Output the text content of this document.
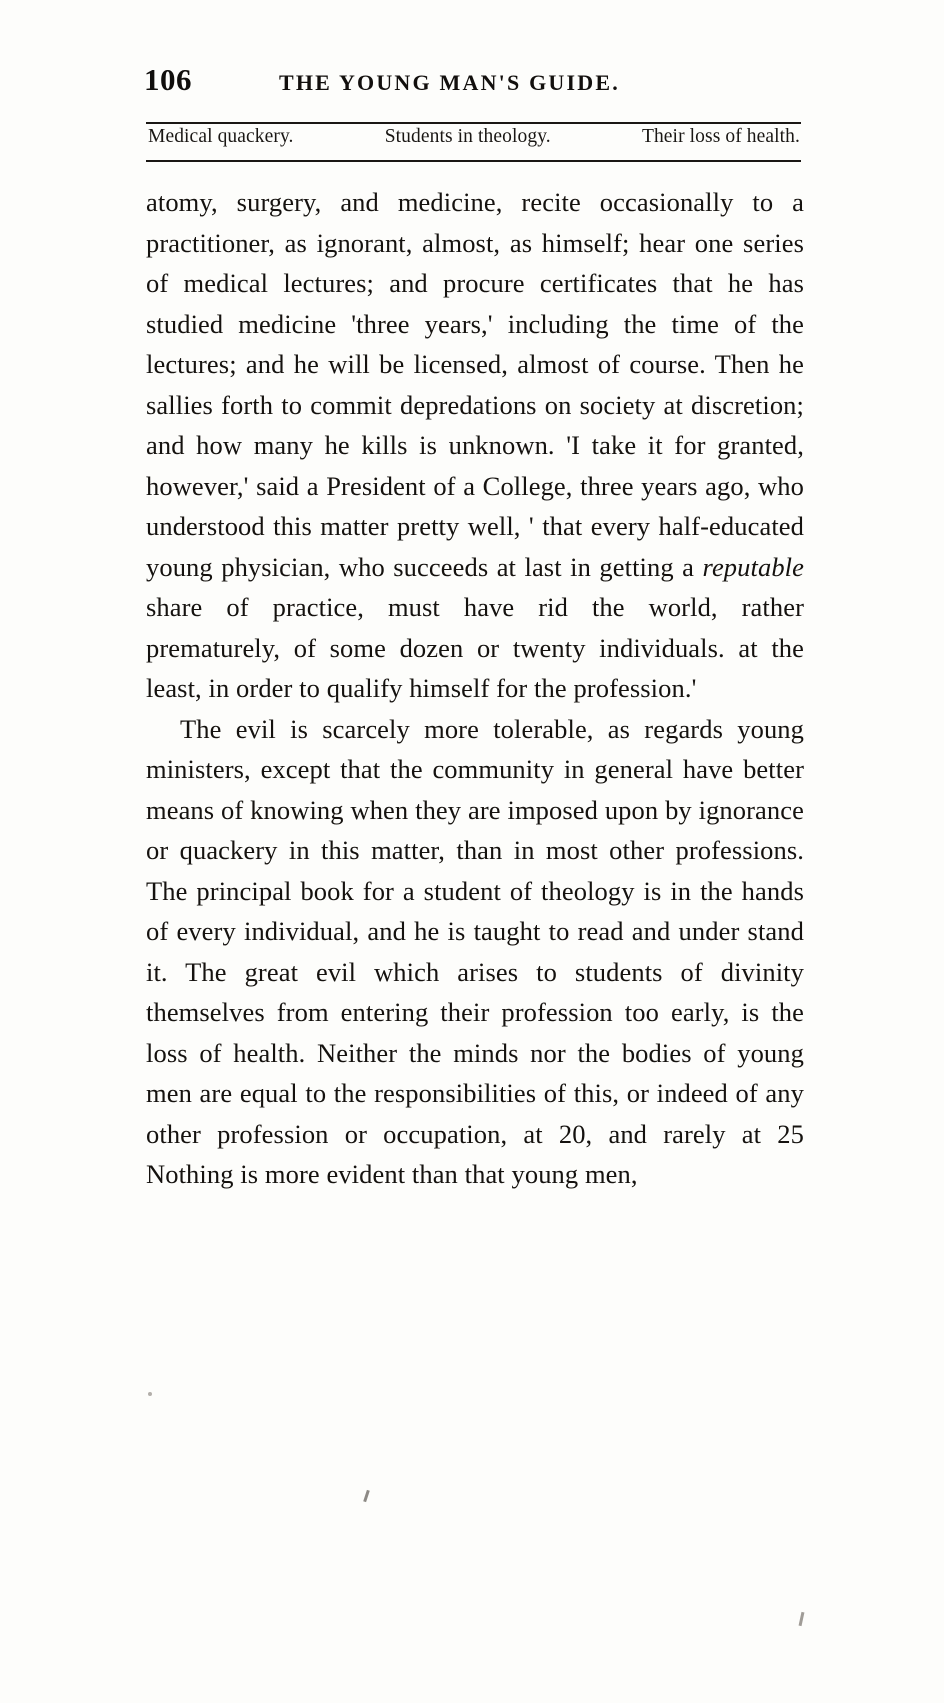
106	THE YOUNG MAN'S GUIDE.
Medical quackery.	Students in theology.	Their loss of health.

atomy, surgery, and medicine, recite occasionally to a practitioner, as ignorant, almost, as himself; hear one series of medical lectures; and procure certificates that he has studied medicine 'three years,' including the time of the lectures; and he will be licensed, almost of course. Then he sallies forth to commit depredations on society at discretion; and how many he kills is unknown. 'I take it for granted, however,' said a President of a College, three years ago, who understood this matter pretty well, ' that every half-educated young physician, who succeeds at last in getting a reputable share of practice, must have rid the world, rather prematurely, of some dozen or twenty individuals. at the least, in order to qualify himself for the profession.'

The evil is scarcely more tolerable, as regards young ministers, except that the community in general have better means of knowing when they are imposed upon by ignorance or quackery in this matter, than in most other professions. The principal book for a student of theology is in the hands of every individual, and he is taught to read and under stand it. The great evil which arises to students of divinity themselves from entering their profession too early, is the loss of health. Neither the minds nor the bodies of young men are equal to the responsibilities of this, or indeed of any other profession or occupation, at 20, and rarely at 25 Nothing is more evident than that young men,
